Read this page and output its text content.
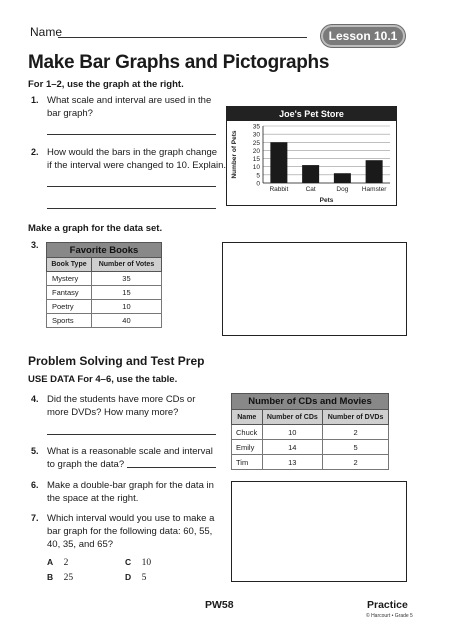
Name	Lesson 10.1
Make Bar Graphs and Pictographs
For 1–2, use the graph at the right.
1. What scale and interval are used in the
bar graph?
2. How would the bars in the graph change
if the interval were changed to 10. Explain.
Joe's Pet Store
35
30
25
20
15
10
5
0
Rabbit	Cat	Dog Hamster
Pets
Number of Pets
Make a graph for the data set.
3.	Favorite Books	
Book Type	Number of Votes
Mystery	35
Fantasy	15
Poetry	10
Sports	40
Problem Solving and Test Prep
USE DATA For 4–6, use the table.
4. Did the students have more CDs or
more DVDs? How many more?
5. What is a reasonable scale and interval
to graph the data?
6. Make a double-bar graph for the data in
the space at the right.
7. Which interval would you use to make a
bar graph for the following data: 60, 55,
40, 35, and 65?
A 2
B 25
C 10
D 5
Number of CDs and Movies		
Name	Number of CDs	Number of DVDs
Chuck	10	2
Emily	14	5
Tim	13	2
PW58	Practice
© Harcourt • Grade 5
